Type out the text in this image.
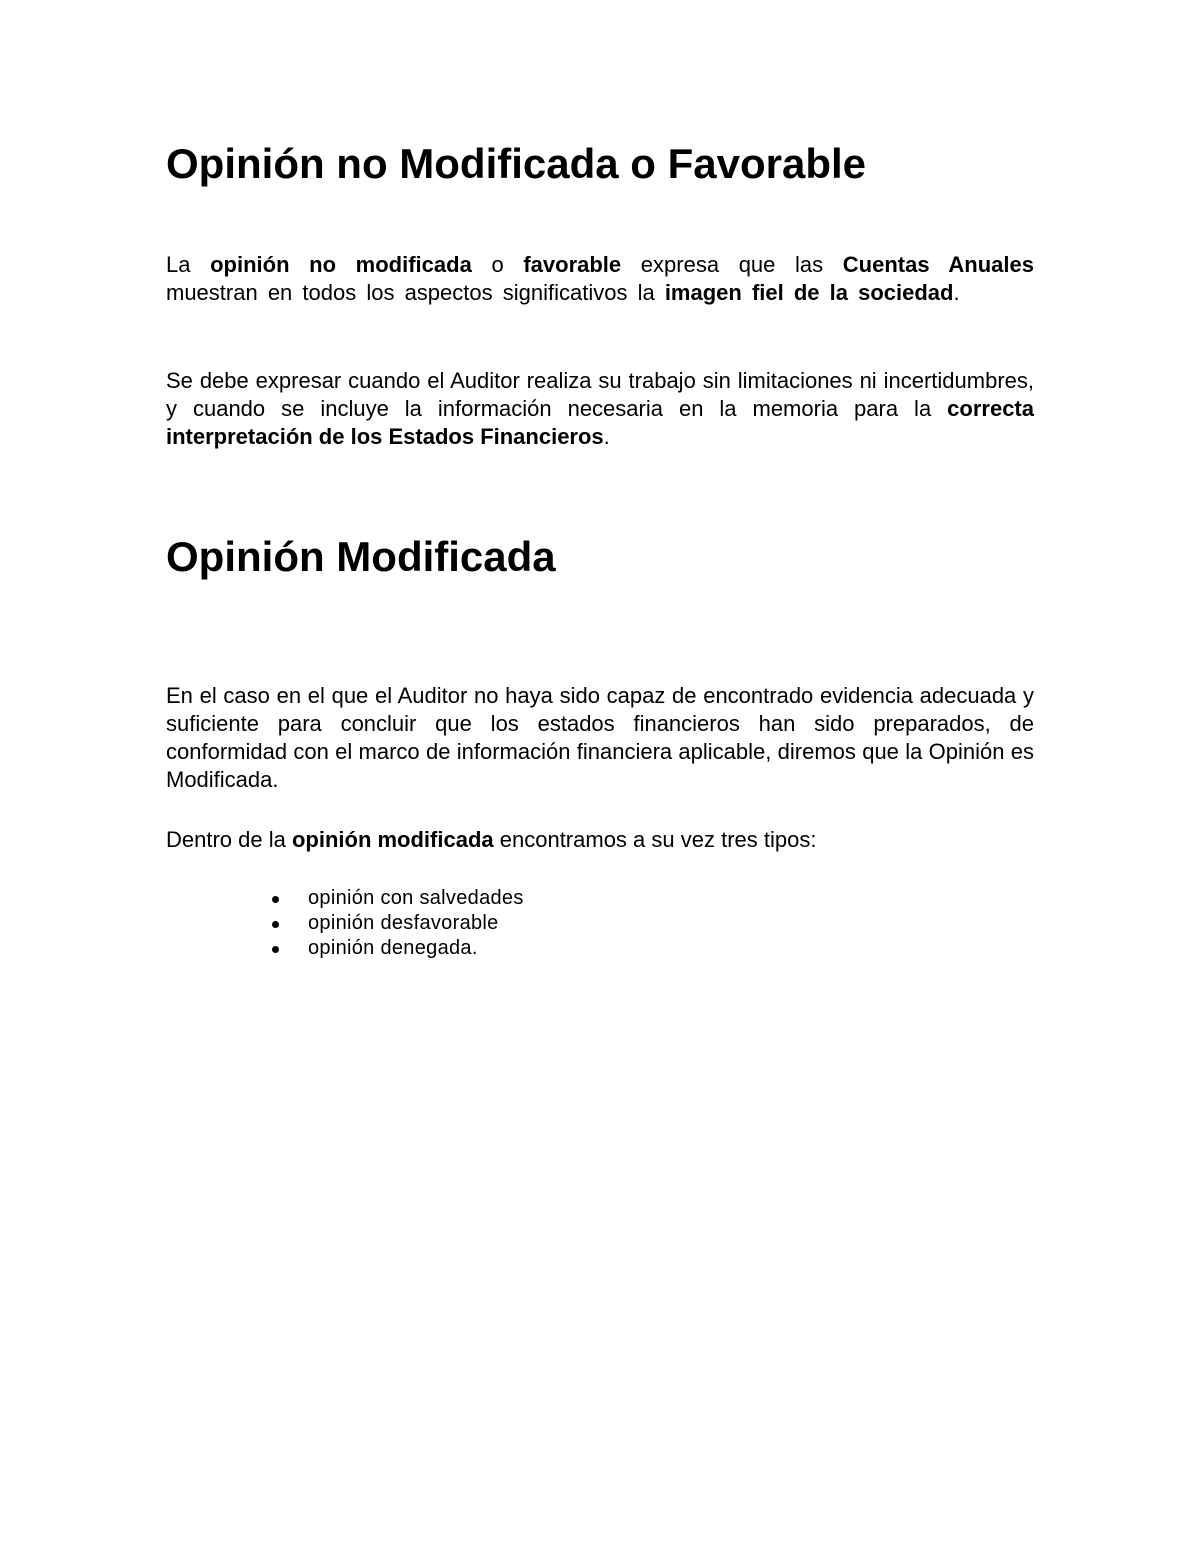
Opinión no Modificada o Favorable

La opinión no modificada o favorable expresa que las Cuentas Anuales muestran en todos los aspectos significativos la imagen fiel de la sociedad.

Se debe expresar cuando el Auditor realiza su trabajo sin limitaciones ni incertidumbres, y cuando se incluye la información necesaria en la memoria para la correcta interpretación de los Estados Financieros.

Opinión Modificada

En el caso en el que el Auditor no haya sido capaz de encontrado evidencia adecuada y suficiente para concluir que los estados financieros han sido preparados, de conformidad con el marco de información financiera aplicable, diremos que la Opinión es Modificada.

Dentro de la opinión modificada encontramos a su vez tres tipos:

opinión con salvedades
opinión desfavorable
opinión denegada.
